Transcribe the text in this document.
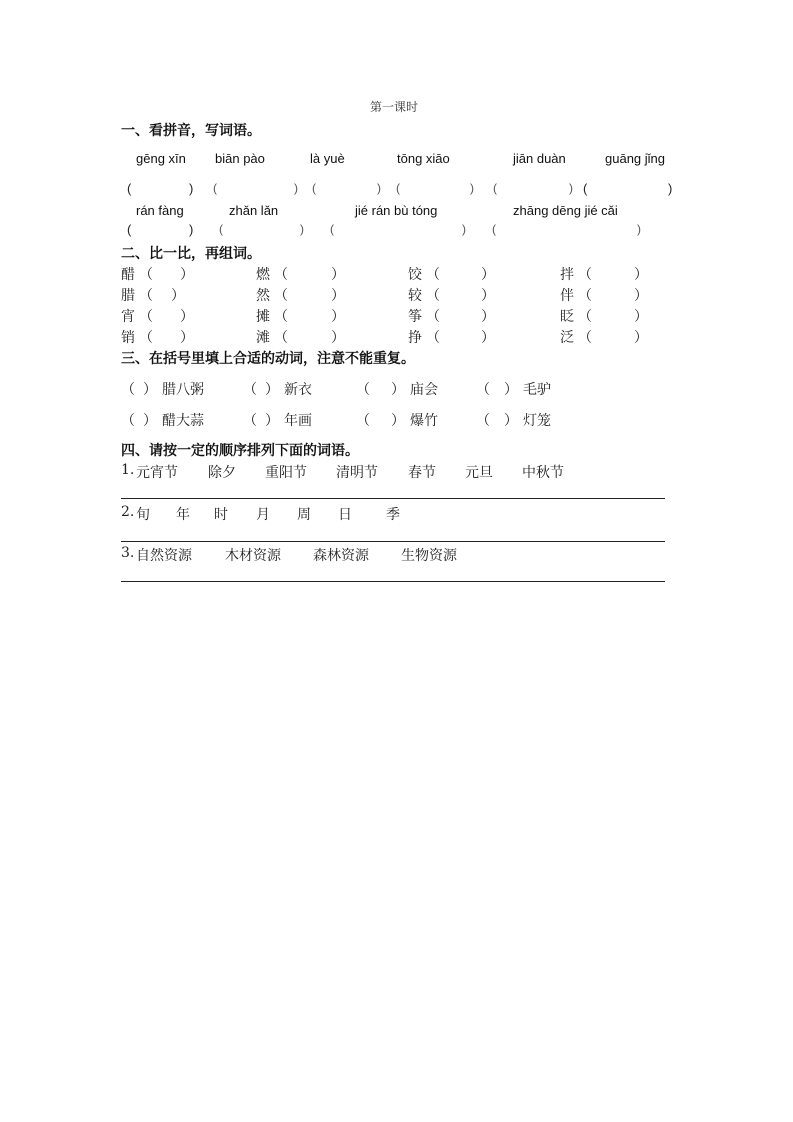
第一课时
一、看拼音，写词语。
gēng xīn biān pào	là yuè	tōng xiāo	jiān duàn	guāng jǐng
(	) (	) (	) (	) (	) (	)
rán fàng	zhǎn lǎn	jié rán bù tóng	zhāng dēng jié cǎi
(	) (	) (	) (	)
二、比一比，再组词。
醋 （ ）	燃 （	）	饺 （	）	拌 （	）
腊 （ ）	然 （	）	较 （	）	伴 （	）
宵 （ ）	摊 （	）	筝 （	）	眨 （	）
销 （ ）	滩 （	）	挣 （	）	泛 （	）
三、在括号里填上合适的动词，注意不能重复。
（ ） 腊八粥	（ ） 新衣	（ ） 庙会	（ ） 毛驴
（ ） 醋大蒜	（ ） 年画	（ ） 爆竹	（ ） 灯笼
四、请按一定的顺序排列下面的词语。
1. 元宵节 除夕 重阳节 清明节 春节 元旦 中秋节
2. 旬 年 时 月 周 日 季
3. 自然资源 木材资源 森林资源 生物资源
